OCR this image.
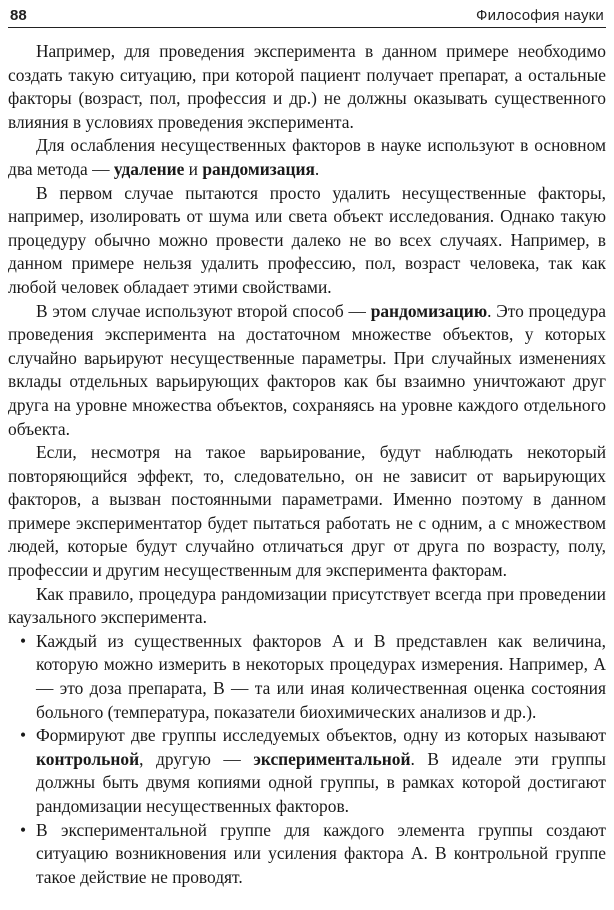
88	Философия науки

Например, для проведения эксперимента в данном примере необходимо создать такую ситуацию, при которой пациент получает препарат, а остальные факторы (возраст, пол, профессия и др.) не должны оказывать существенного влияния в условиях проведения эксперимента.

Для ослабления несущественных факторов в науке используют в основном два метода — удаление и рандомизация.

В первом случае пытаются просто удалить несущественные факторы, например, изолировать от шума или света объект исследования. Однако такую процедуру обычно можно провести далеко не во всех случаях. Например, в данном примере нельзя удалить профессию, пол, возраст человека, так как любой человек обладает этими свойствами.

В этом случае используют второй способ — рандомизацию. Это процедура проведения эксперимента на достаточном множестве объектов, у которых случайно варьируют несущественные параметры. При случайных изменениях вклады отдельных варьирующих факторов как бы взаимно уничтожают друг друга на уровне множества объектов, сохраняясь на уровне каждого отдельного объекта.

Если, несмотря на такое варьирование, будут наблюдать некоторый повторяющийся эффект, то, следовательно, он не зависит от варьирующих факторов, а вызван постоянными параметрами. Именно поэтому в данном примере экспериментатор будет пытаться работать не с одним, а с множеством людей, которые будут случайно отличаться друг от друга по возрасту, полу, профессии и другим несущественным для эксперимента факторам.

Как правило, процедура рандомизации присутствует всегда при проведении каузального эксперимента.

• Каждый из существенных факторов A и B представлен как величина, которую можно измерить в некоторых процедурах измерения. Например, A — это доза препарата, B — та или иная количественная оценка состояния больного (температура, показатели биохимических анализов и др.).
• Формируют две группы исследуемых объектов, одну из которых называют контрольной, другую — экспериментальной. В идеале эти группы должны быть двумя копиями одной группы, в рамках которой достигают рандомизации несущественных факторов.
• В экспериментальной группе для каждого элемента группы создают ситуацию возникновения или усиления фактора A. В контрольной группе такое действие не проводят.
